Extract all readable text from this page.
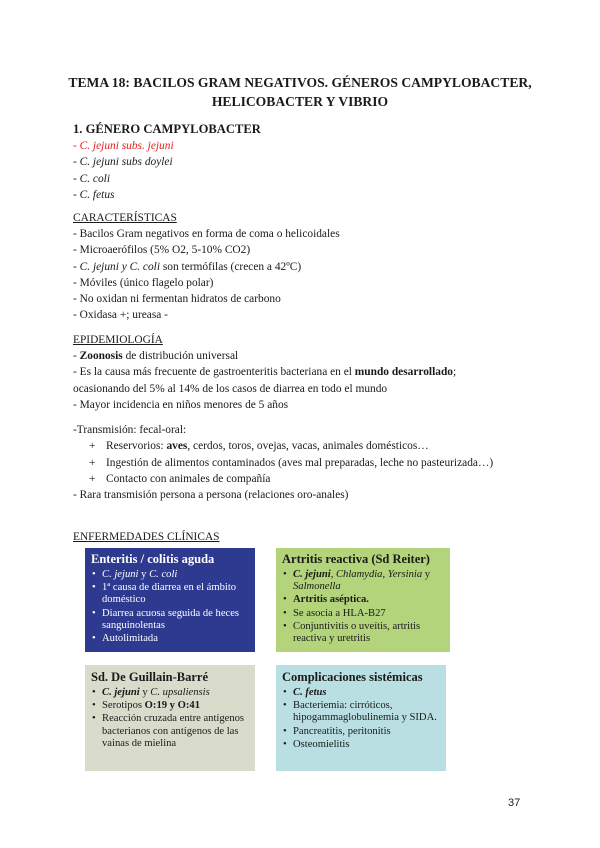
TEMA 18: BACILOS GRAM NEGATIVOS. GÉNEROS CAMPYLOBACTER,
HELICOBACTER Y VIBRIO
1. GÉNERO CAMPYLOBACTER
- C. jejuni subs. jejuni
- C. jejuni subs doylei
- C. coli
- C. fetus
CARACTERÍSTICAS
- Bacilos Gram negativos en forma de coma o helicoidales
- Microaerófilos (5% O2, 5-10% CO2)
- C. jejuni y C. coli son termófilas (crecen a 42ºC)
- Móviles (único flagelo polar)
- No oxidan ni fermentan hidratos de carbono
- Oxidasa +; ureasa -
EPIDEMIOLOGÍA
- Zoonosis de distribución universal
- Es la causa más frecuente de gastroenteritis bacteriana en el mundo desarrollado;
ocasionando del 5% al 14% de los casos de diarrea en todo el mundo
- Mayor incidencia en niños menores de 5 años
-Transmisión: fecal-oral:
+ Reservorios: aves, cerdos, toros, ovejas, vacas, animales domésticos…
+ Ingestión de alimentos contaminados (aves mal preparadas, leche no pasteurizada…)
+ Contacto con animales de compañía
- Rara transmisión persona a persona (relaciones oro-anales)
ENFERMEDADES CLÍNICAS
Enteritis / colitis aguda
• C. jejuni y C. coli
• 1ª causa de diarrea en el ámbito doméstico
• Diarrea acuosa seguida de heces sanguinolentas
• Autolimitada
Artritis reactiva (Sd Reiter)
• C. jejuni, Chlamydia, Yersinia y Salmonella
• Artritis aséptica.
• Se asocia a HLA-B27
• Conjuntivitis o uveítis, artritis reactiva y uretritis
Sd. De Guillain-Barré
• C. jejuni y C. upsaliensis
• Serotipos O:19 y O:41
• Reacción cruzada entre antígenos bacterianos con antígenos de las vainas de mielina
Complicaciones sistémicas
• C. fetus
• Bacteriemia: cirróticos, hipogammaglobulinemia y SIDA.
• Pancreatitis, peritonitis
• Osteomielitis
37
